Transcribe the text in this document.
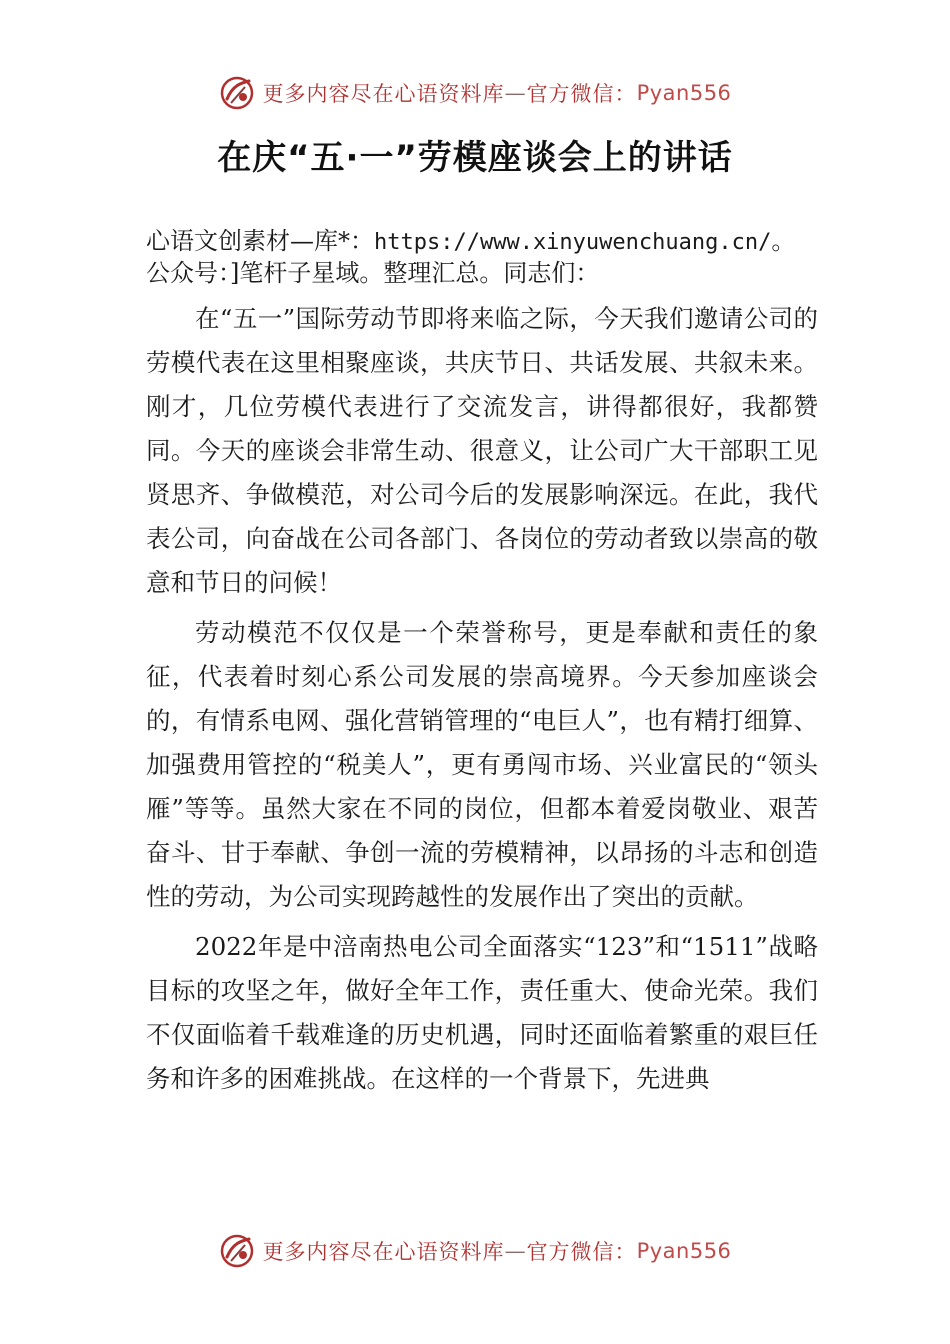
更多内容尽在心语资料库 — 官方微信： Pyan556
在庆“五·一”劳模座谈会上的讲话

心语文创素材—库*：https://www.xinyuwenchuang.cn/。公众号：]笔杆子星域。整理汇总。同志们：

在“五一”国际劳动节即将来临之际，今天我们邀请公司的劳模代表在这里相聚座谈，共庆节日、共话发展、共叙未来。刚才，几位劳模代表进行了交流发言，讲得都很好，我都赞同。今天的座谈会非常生动、很意义，让公司广大干部职工见贤思齐、争做模范，对公司今后的发展影响深远。在此，我代表公司，向奋战在公司各部门、各岗位的劳动者致以崇高的敬意和节日的问候！

劳动模范不仅仅是一个荣誉称号，更是奉献和责任的象征，代表着时刻心系公司发展的崇高境界。今天参加座谈会的，有情系电网、强化营销管理的“电巨人”，也有精打细算、加强费用管控的“税美人”，更有勇闯市场、兴业富民的“领头雁”等等。虽然大家在不同的岗位，但都本着爱岗敬业、艰苦奋斗、甘于奉献、争创一流的劳模精神，以昂扬的斗志和创造性的劳动，为公司实现跨越性的发展作出了突出的贡献。

2022年是中涪南热电公司全面落实“123”和“1511”战略目标的攻坚之年，做好全年工作，责任重大、使命光荣。我们不仅面临着千载难逢的历史机遇，同时还面临着繁重的艰巨任务和许多的困难挑战。在这样的一个背景下，先进典

更多内容尽在心语资料库 — 官方微信： Pyan556
